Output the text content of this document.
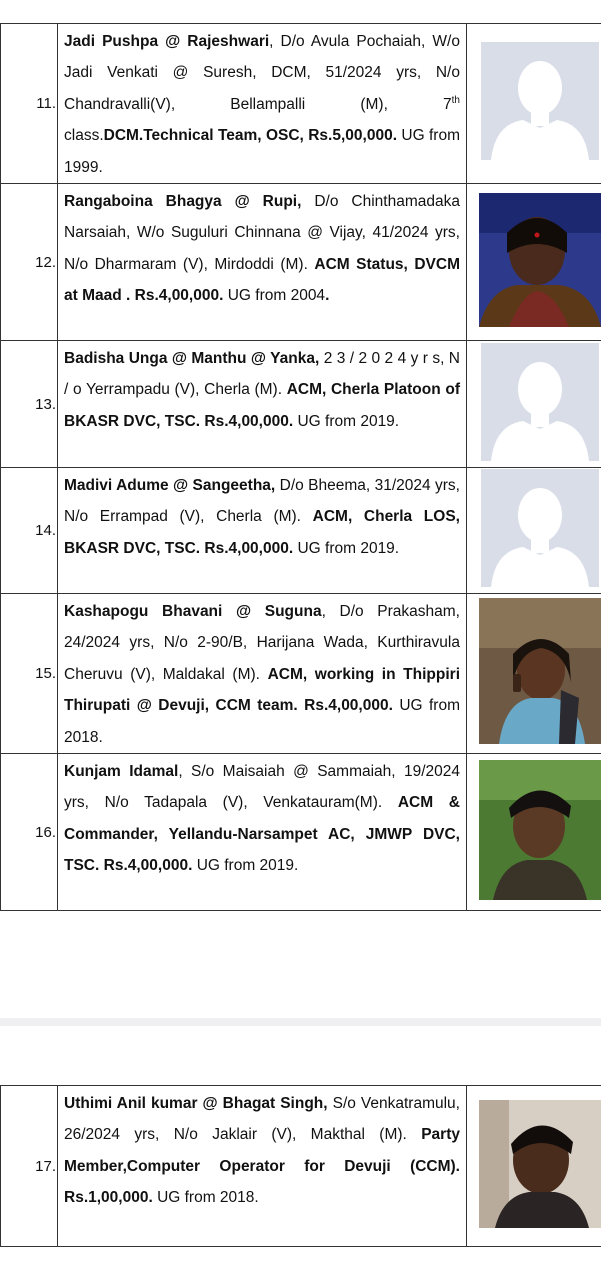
11.	Jadi Pushpa @ Rajeshwari, D/o Avula Pochaiah, W/o Jadi Venkati @ Suresh, DCM, 51/2024 yrs, N/o Chandravalli(V), Bellampalli (M), 7th class.DCM.Technical Team, OSC, Rs.5,00,000. UG from 1999.	

12.	Rangaboina Bhagya @ Rupi, D/o Chinthamadaka Narsaiah, W/o Suguluri Chinnana @ Vijay, 41/2024 yrs, N/o Dharmaram (V), Mirdoddi (M). ACM Status, DVCM at Maad . Rs.4,00,000. UG from 2004.	

13.	Badisha Unga @ Manthu @ Yanka, 2 3 / 2 0 2 4 y r s, N / o Yerrampadu (V), Cherla (M). ACM, Cherla Platoon of BKASR DVC, TSC. Rs.4,00,000. UG from 2019.	

14.	Madivi Adume @ Sangeetha, D/o Bheema, 31/2024 yrs, N/o Errampad (V), Cherla (M). ACM, Cherla LOS, BKASR DVC, TSC. Rs.4,00,000. UG from 2019.	

15.	Kashapogu Bhavani @ Suguna, D/o Prakasham, 24/2024 yrs, N/o 2-90/B, Harijana Wada, Kurthiravula Cheruvu (V), Maldakal (M). ACM, working in Thippiri Thirupati @ Devuji, CCM team. Rs.4,00,000. UG from 2018.	

16.	Kunjam Idamal, S/o Maisaiah @ Sammaiah, 19/2024 yrs, N/o Tadapala (V), Venkatauram(M). ACM & Commander, Yellandu-Narsampet AC, JMWP DVC, TSC. Rs.4,00,000. UG from 2019.	
17.	Uthimi Anil kumar @ Bhagat Singh, S/o Venkatramulu, 26/2024 yrs, N/o Jaklair (V), Makthal (M). Party Member,Computer Operator for Devuji (CCM). Rs.1,00,000. UG from 2018.	
